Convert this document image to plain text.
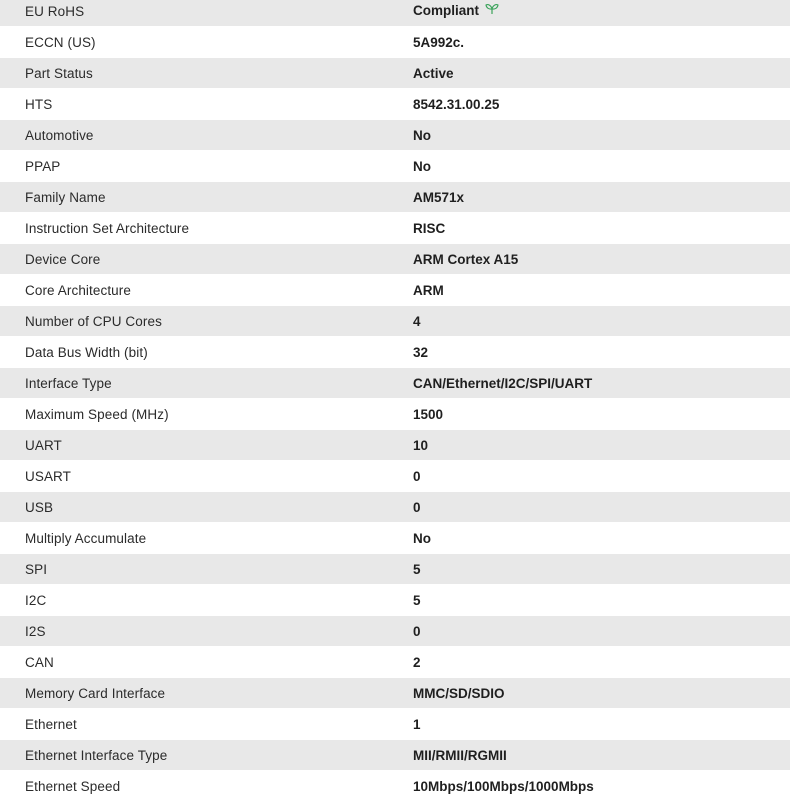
EU RoHS	Compliant
ECCN (US)	5A992c.
Part Status	Active
HTS	8542.31.00.25
Automotive	No
PPAP	No
Family Name	AM571x
Instruction Set Architecture	RISC
Device Core	ARM Cortex A15
Core Architecture	ARM
Number of CPU Cores	4
Data Bus Width (bit)	32
Interface Type	CAN/Ethernet/I2C/SPI/UART
Maximum Speed (MHz)	1500
UART	10
USART	0
USB	0
Multiply Accumulate	No
SPI	5
I2C	5
I2S	0
CAN	2
Memory Card Interface	MMC/SD/SDIO
Ethernet	1
Ethernet Interface Type	MII/RMII/RGMII
Ethernet Speed	10Mbps/100Mbps/1000Mbps
